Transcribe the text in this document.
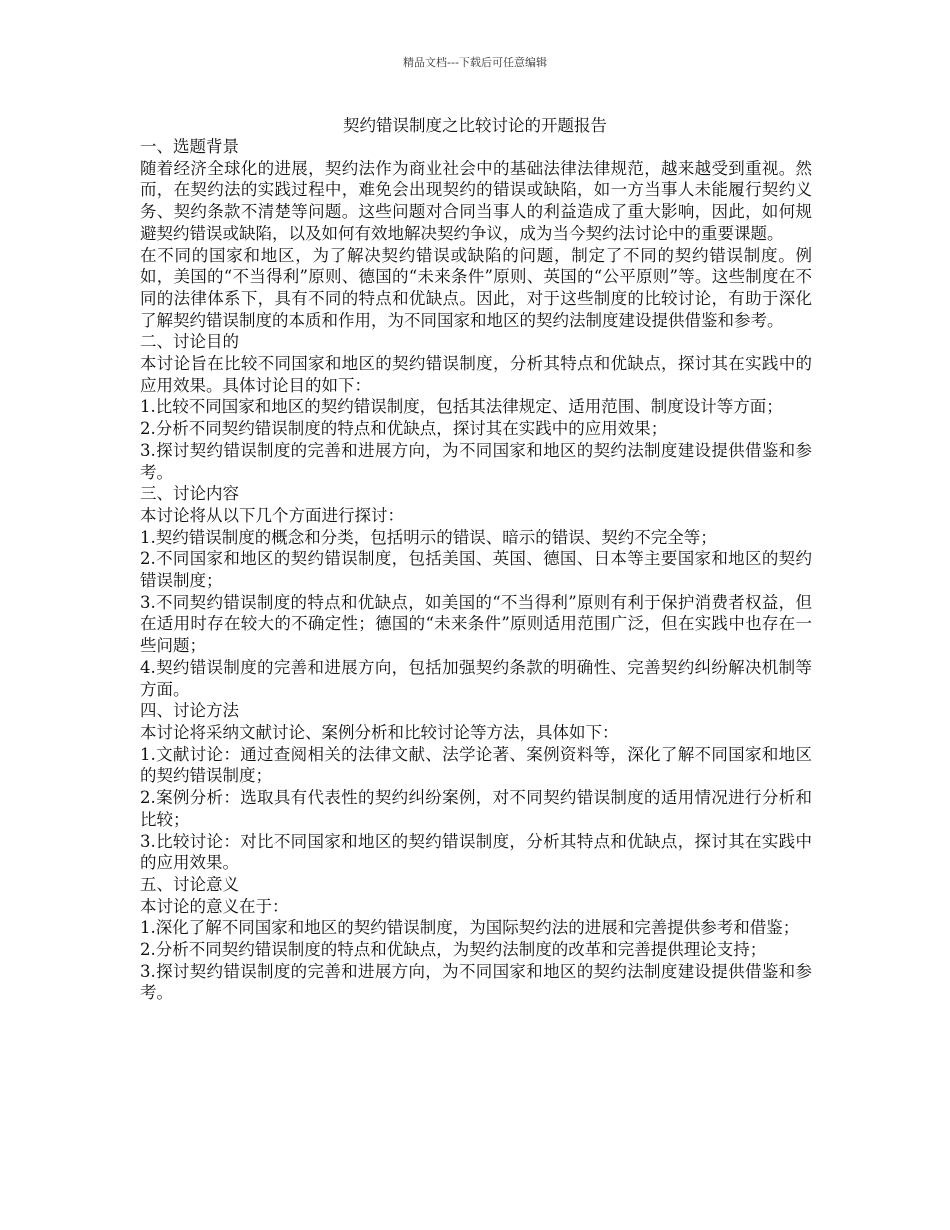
精品文档---下载后可任意编辑
契约错误制度之比较讨论的开题报告

一、选题背景

随着经济全球化的进展，契约法作为商业社会中的基础法律法律规范，越来越受到重视。然而，在契约法的实践过程中，难免会出现契约的错误或缺陷，如一方当事人未能履行契约义务、契约条款不清楚等问题。这些问题对合同当事人的利益造成了重大影响，因此，如何规避契约错误或缺陷，以及如何有效地解决契约争议，成为当今契约法讨论中的重要课题。

在不同的国家和地区，为了解决契约错误或缺陷的问题，制定了不同的契约错误制度。例如，美国的“不当得利”原则、德国的“未来条件”原则、英国的“公平原则”等。这些制度在不同的法律体系下，具有不同的特点和优缺点。因此，对于这些制度的比较讨论，有助于深化了解契约错误制度的本质和作用，为不同国家和地区的契约法制度建设提供借鉴和参考。

二、讨论目的

本讨论旨在比较不同国家和地区的契约错误制度，分析其特点和优缺点，探讨其在实践中的应用效果。具体讨论目的如下：

1.比较不同国家和地区的契约错误制度，包括其法律规定、适用范围、制度设计等方面；

2.分析不同契约错误制度的特点和优缺点，探讨其在实践中的应用效果；

3.探讨契约错误制度的完善和进展方向，为不同国家和地区的契约法制度建设提供借鉴和参考。

三、讨论内容

本讨论将从以下几个方面进行探讨：

1.契约错误制度的概念和分类，包括明示的错误、暗示的错误、契约不完全等；

2.不同国家和地区的契约错误制度，包括美国、英国、德国、日本等主要国家和地区的契约错误制度；

3.不同契约错误制度的特点和优缺点，如美国的“不当得利”原则有利于保护消费者权益，但在适用时存在较大的不确定性；德国的“未来条件”原则适用范围广泛，但在实践中也存在一些问题；

4.契约错误制度的完善和进展方向，包括加强契约条款的明确性、完善契约纠纷解决机制等方面。

四、讨论方法

本讨论将采纳文献讨论、案例分析和比较讨论等方法，具体如下：

1.文献讨论：通过查阅相关的法律文献、法学论著、案例资料等，深化了解不同国家和地区的契约错误制度；

2.案例分析：选取具有代表性的契约纠纷案例，对不同契约错误制度的适用情况进行分析和比较；

3.比较讨论：对比不同国家和地区的契约错误制度，分析其特点和优缺点，探讨其在实践中的应用效果。

五、讨论意义

本讨论的意义在于：

1.深化了解不同国家和地区的契约错误制度，为国际契约法的进展和完善提供参考和借鉴；

2.分析不同契约错误制度的特点和优缺点，为契约法制度的改革和完善提供理论支持；

3.探讨契约错误制度的完善和进展方向，为不同国家和地区的契约法制度建设提供借鉴和参考。
